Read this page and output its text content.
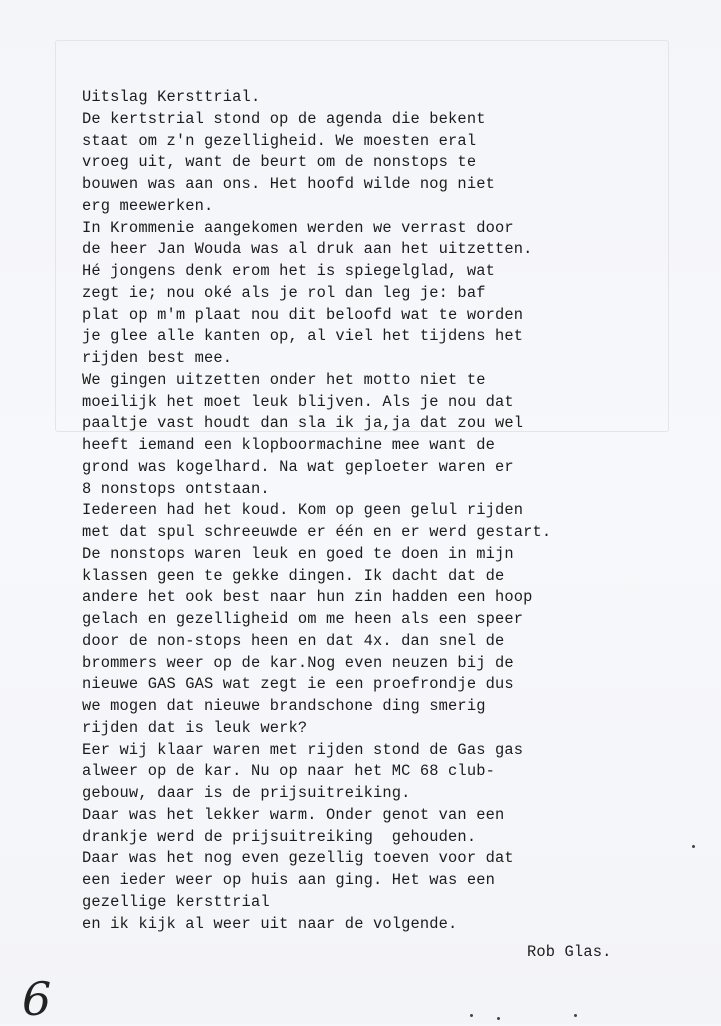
Uitslag Kersttrial.
De kertstrial stond op de agenda die bekent
staat om z'n gezelligheid. We moesten eral
vroeg uit, want de beurt om de nonstops te
bouwen was aan ons. Het hoofd wilde nog niet
erg meewerken.
In Krommenie aangekomen werden we verrast door
de heer Jan Wouda was al druk aan het uitzetten.
Hé jongens denk erom het is spiegelglad, wat
zegt ie; nou oké als je rol dan leg je: baf
plat op m'm plaat nou dit beloofd wat te worden
je glee alle kanten op, al viel het tijdens het
rijden best mee.
We gingen uitzetten onder het motto niet te
moeilijk het moet leuk blijven. Als je nou dat
paaltje vast houdt dan sla ik ja,ja dat zou wel
heeft iemand een klopboormachine mee want de
grond was kogelhard. Na wat geploeter waren er
8 nonstops ontstaan.
Iedereen had het koud. Kom op geen gelul rijden
met dat spul schreeuwde er één en er werd gestart.
De nonstops waren leuk en goed te doen in mijn
klassen geen te gekke dingen. Ik dacht dat de
andere het ook best naar hun zin hadden een hoop
gelach en gezelligheid om me heen als een speer
door de non-stops heen en dat 4x. dan snel de
brommers weer op de kar.Nog even neuzen bij de
nieuwe GAS GAS wat zegt ie een proefrondje dus
we mogen dat nieuwe brandschone ding smerig
rijden dat is leuk werk?
Eer wij klaar waren met rijden stond de Gas gas
alweer op de kar. Nu op naar het MC 68 club-
gebouw, daar is de prijsuitreiking.
Daar was het lekker warm. Onder genot van een
drankje werd de prijsuitreiking  gehouden.
Daar was het nog even gezellig toeven voor dat
een ieder weer op huis aan ging. Het was een
gezellige kersttrial
en ik kijk al weer uit naar de volgende.
Rob Glas.
6
